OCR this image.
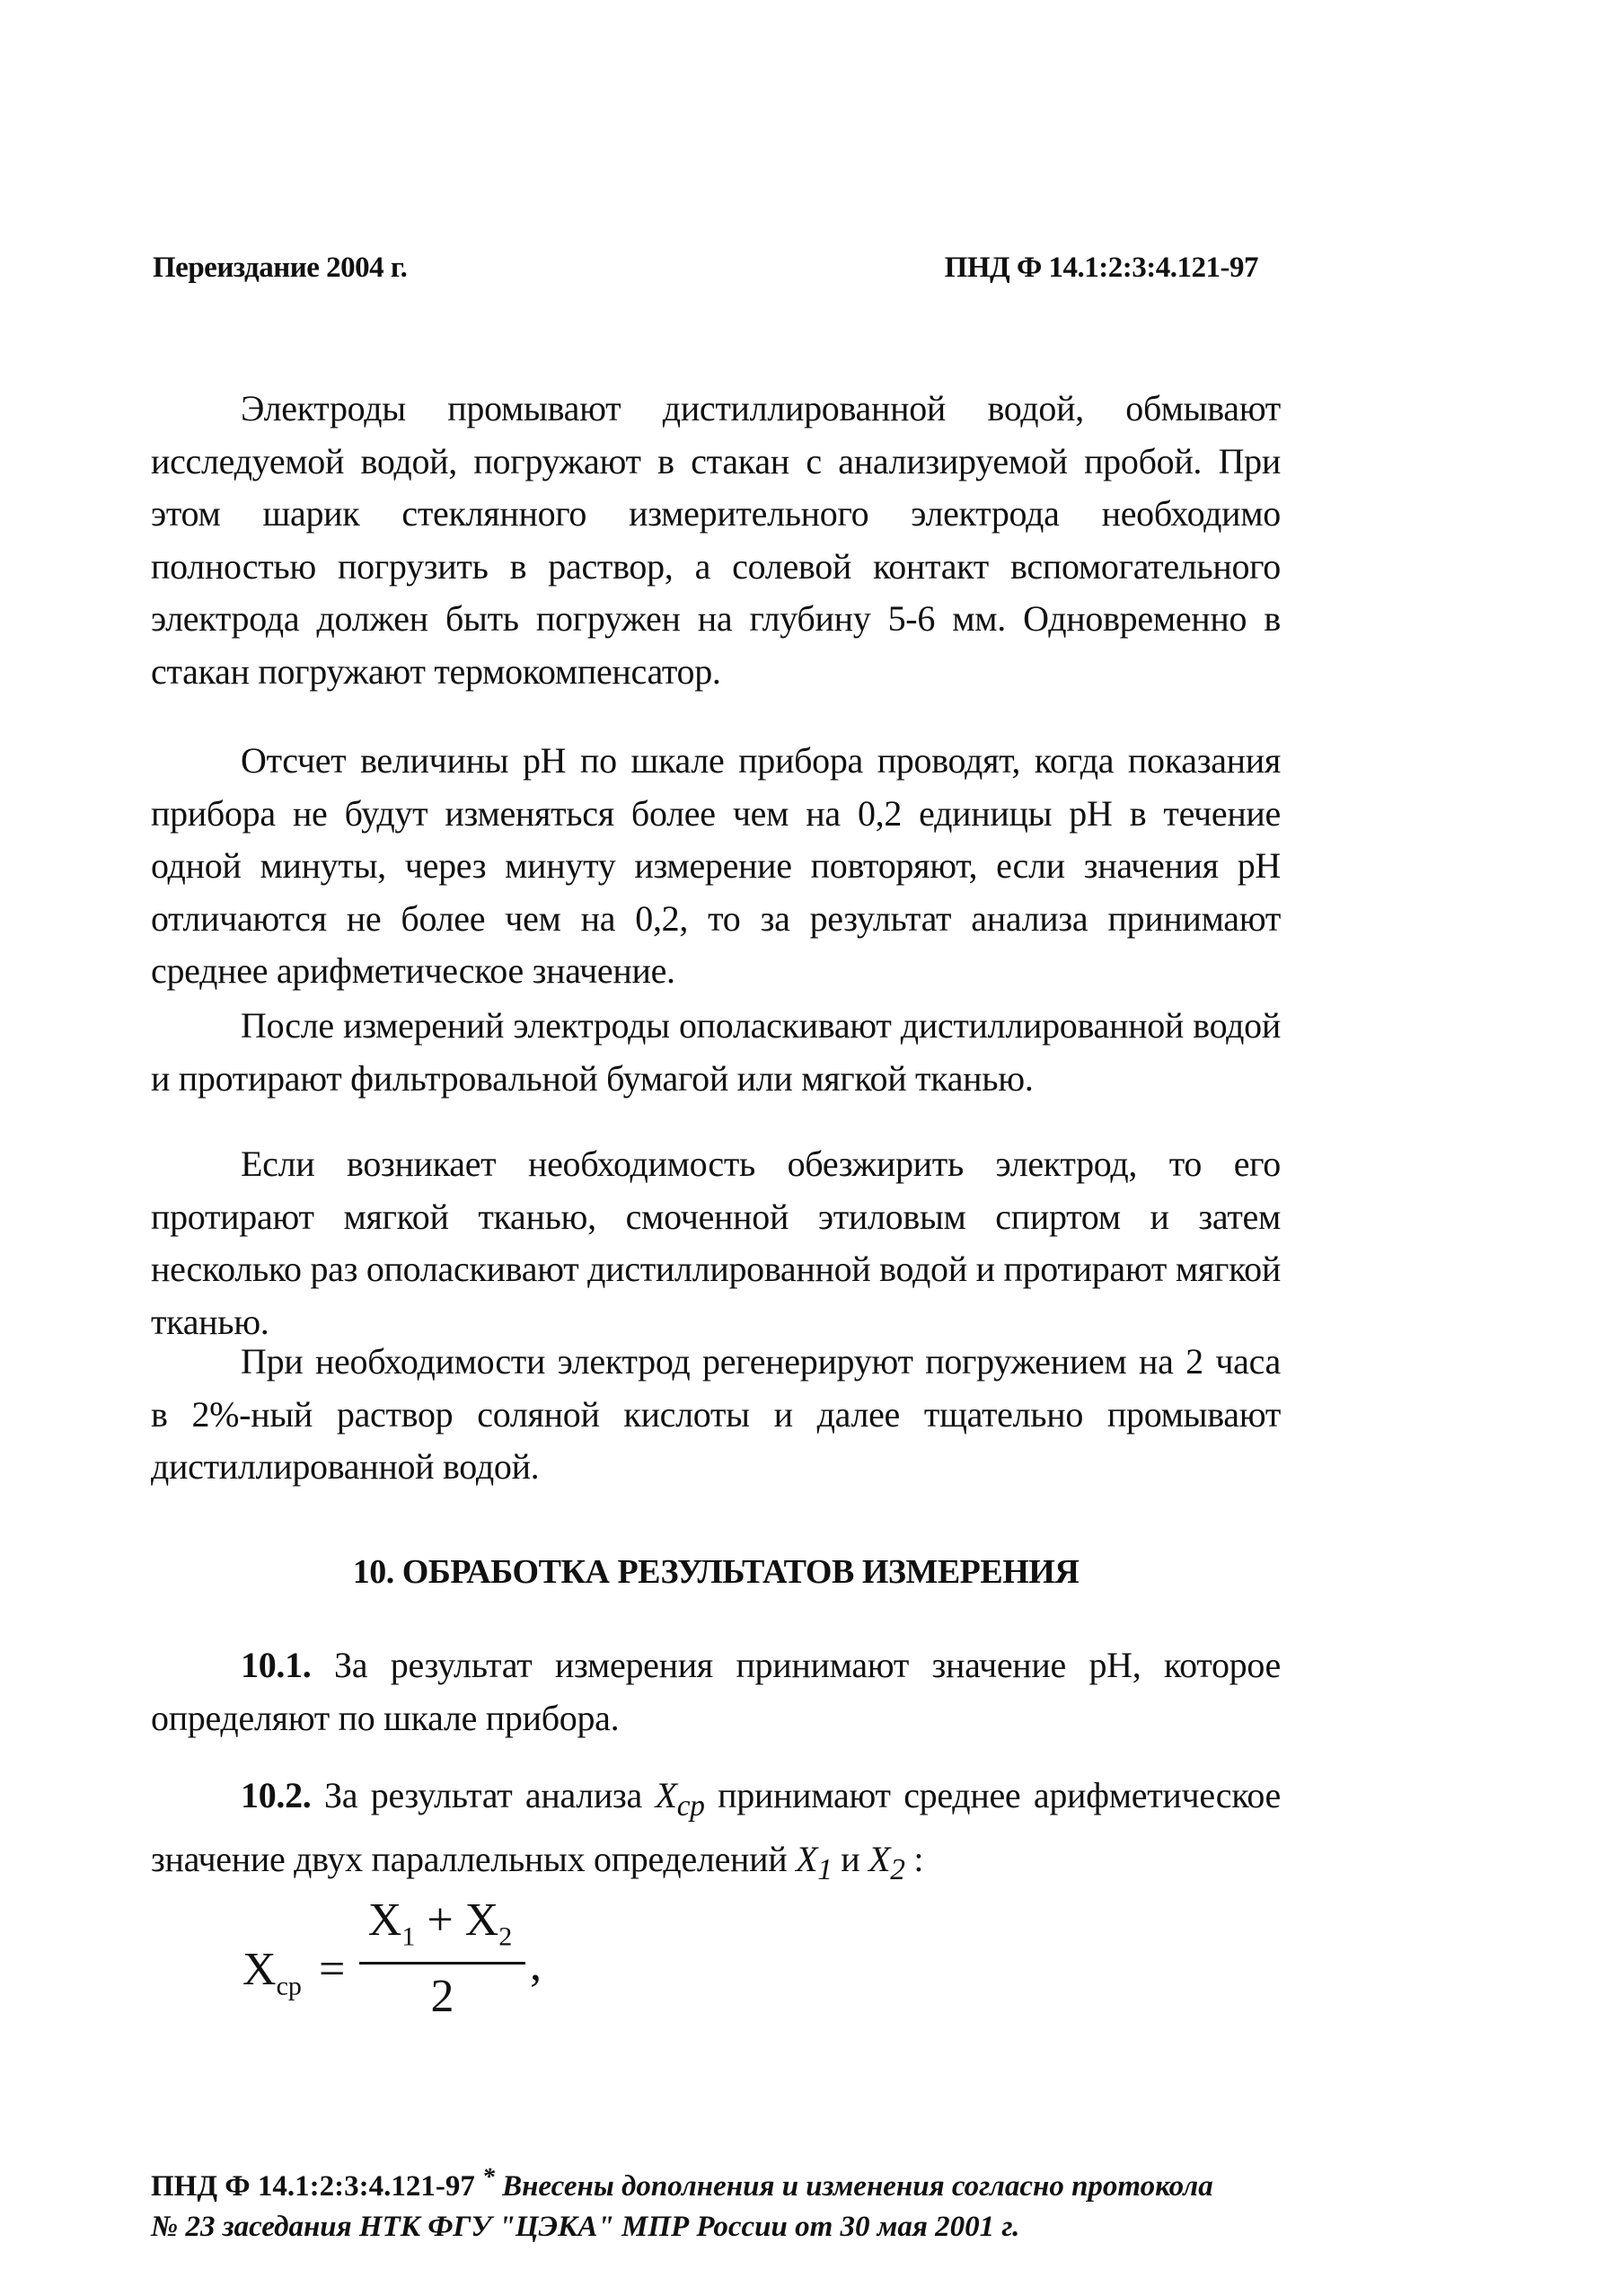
Переиздание 2004 г.	ПНД Ф 14.1:2:3:4.121-97

Электроды промывают дистиллированной водой, обмывают исследуемой водой, погружают в стакан с анализируемой пробой. При этом шарик стеклянного измерительного электрода необходимо полностью погрузить в раствор, а солевой контакт вспомогательного электрода должен быть погружен на глубину 5-6 мм. Одновременно в стакан погружают термокомпенсатор.

Отсчет величины pH по шкале прибора проводят, когда показания прибора не будут изменяться более чем на 0,2 единицы pH в течение одной минуты, через минуту измерение повторяют, если значения pH отличаются не более чем на 0,2, то за результат анализа принимают среднее арифметическое значение.

После измерений электроды ополаскивают дистиллированной водой и протирают фильтровальной бумагой или мягкой тканью.

Если возникает необходимость обезжирить электрод, то его протирают мягкой тканью, смоченной этиловым спиртом и затем несколько раз ополаскивают дистиллированной водой и протирают мягкой тканью.

При необходимости электрод регенерируют погружением на 2 часа в 2%-ный раствор соляной кислоты и далее тщательно промывают дистиллированной водой.

10. ОБРАБОТКА РЕЗУЛЬТАТОВ ИЗМЕРЕНИЯ

10.1. За результат измерения принимают значение pH, которое определяют по шкале прибора.

10.2. За результат анализа $X_{cp}$ принимают среднее арифметическое значение двух параллельных определений $X_1$ и $X_2$ :

$X_{ср}$ =
$X_1 + X_2$
2
,
ПНД Ф 14.1:2:3:4.121-97 * Внесены дополнения и изменения согласно протокола
№ 23 заседания НТК ФГУ "ЦЭКА" МПР России от 30 мая 2001 г.
